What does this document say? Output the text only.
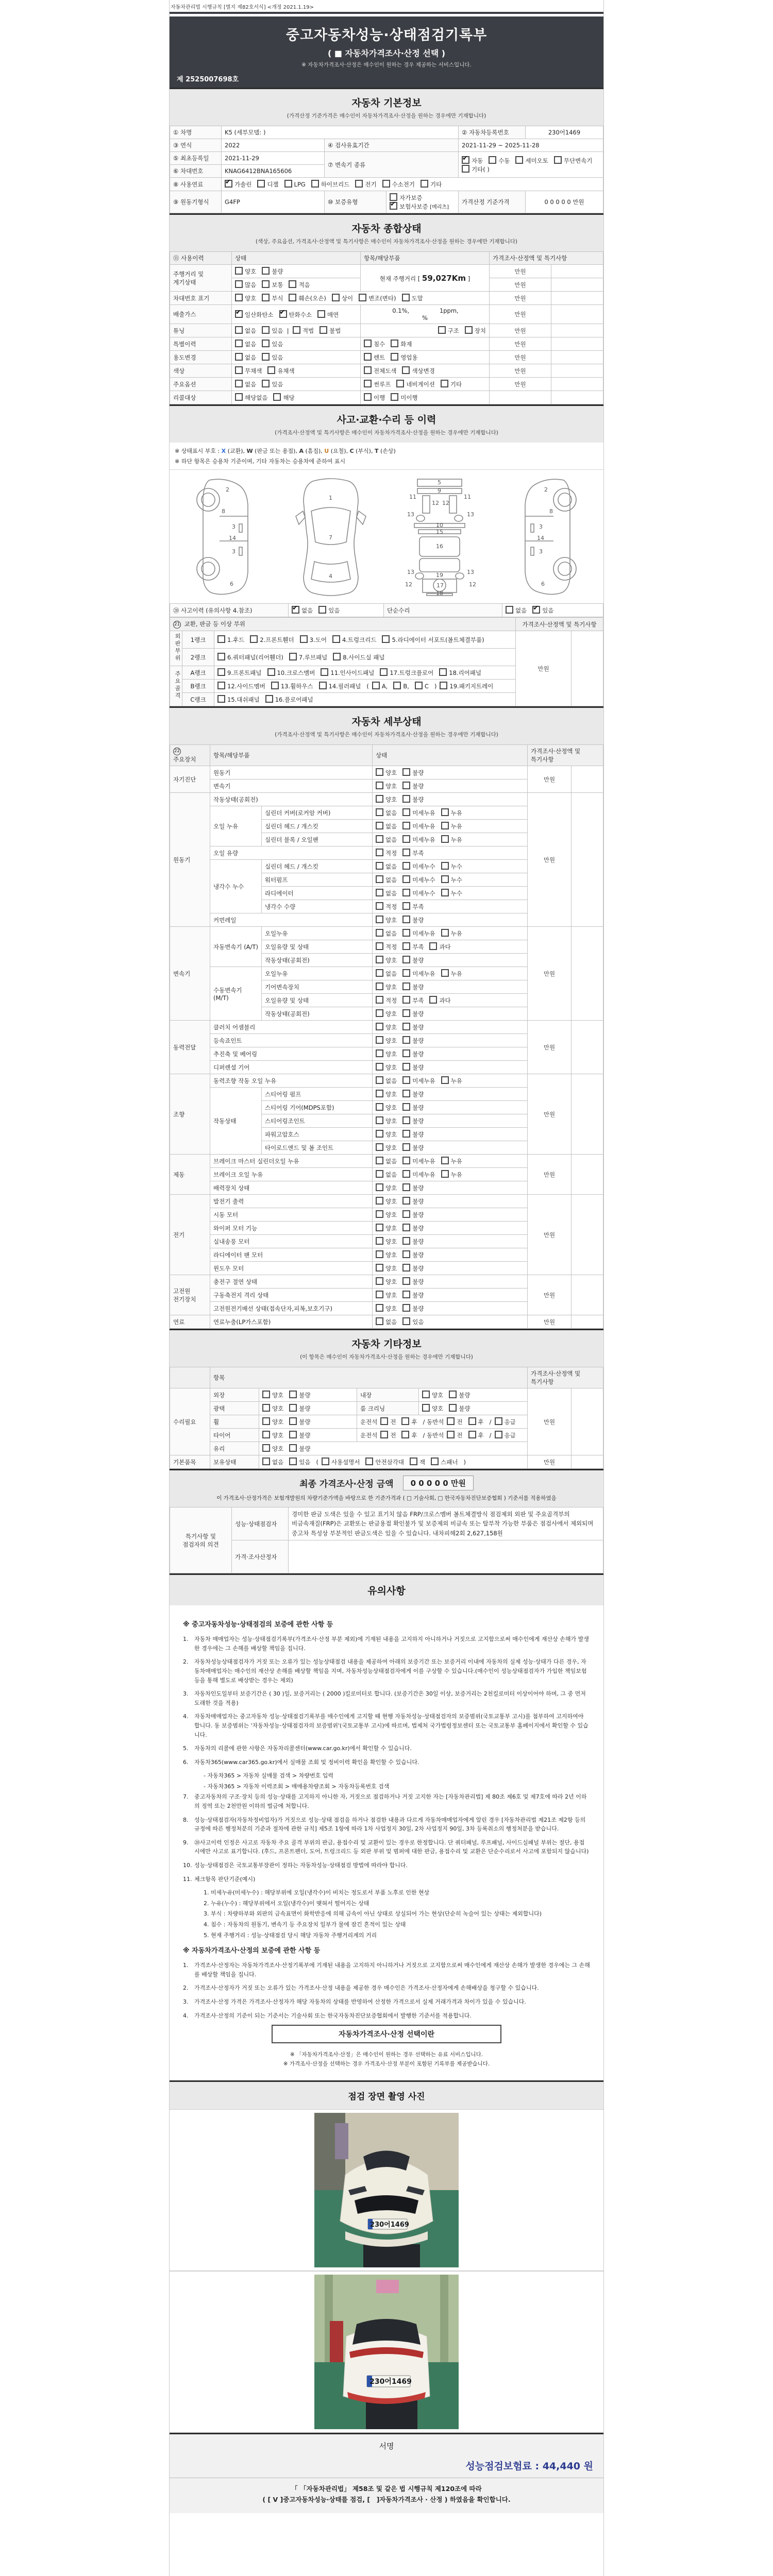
자동차관리법 시행규칙 [별지 제82호서식] <개정 2021.1.19>
중고자동차성능·상태점검기록부
( ■ 자동차가격조사·산정 선택 )
※ 자동차가격조사·산정은 매수인이 원하는 경우 제공하는 서비스입니다.
제 2525007698호
자동차 기본정보
(가격산정 기준가격은 매수인이 자동차가격조사·산정을 원하는 경우에만 기재합니다)
① 차명	K5 (세부모델: )			② 자동차등록번호	230어1469
③ 연식	2022	④ 검사유효기간		2021-11-29 ~ 2025-11-28	
⑤ 최초등록일	2021-11-29	⑦ 변속기 종류	✔자동 수동 세미오토 무단변속기기타( )
⑥ 차대번호	KNAG6412BNA165606				
⑧ 사용연료	✔가솔린 디젤 LPG 하이브리드 전기 수소전기 기타
⑨ 원동기형식	G4FP	⑩ 보증유형	자가보증✔보험사보증 [메리츠]	가격산정 기준가격	0 0 0 0 0 만원
자동차 종합상태
(색상, 주요옵션, 가격조사·산정액 및 특기사항은 매수인이 자동차가격조사·산정을 원하는 경우에만 기재합니다)
⑪ 사용이력	상태	항목/해당부품	가격조사·산정액 및 특기사항	
주행거리 및 계기상태	양호 불량	현재 주행거리 [ 59,027Km ]	만원	
	많음 보통 적음		만원	
차대번호 표기	양호 부식 훼손(오손) 상이 변조(변타) 도말		만원	
배출가스	✔일산화탄소 ✔ 탄화수소 매연	0.1%, 1ppm, %	만원	
튜닝	없음 있음  |  적법 불법	구조 장치	만원	
특별이력	없음 있음	침수 화재	만원	
용도변경	없음 있음	렌트 영업용	만원	
색상	무채색 유채색	전체도색 색상변경	만원	
주요옵션	없음 있음	썬루프 네비게이션 기타	만원	
리콜대상	해당없음 해당	이행 미이행		
사고·교환·수리 등 이력
(가격조사·산정액 및 특기사항은 매수인이 자동차가격조사·산정을 원하는 경우에만 기재합니다)
※ 상태표시 부호 : X (교환), W (판금 또는 용접), A (흠집), U (요철), C (부식), T (손상)
※ 하단 항목은 승용차 기준이며, 기타 자동차는 승용차에 준하여 표시
2
8
3
14
3
6
1
7
4
5
9
11	11
13	13
12 12
10
15
16
13	13
19
12	12
17
18
2
8
3
14
3
6
⑳ 사고이력 (유의사항 4.참조)	✔없음	있음	단순수리	없음 ✔	있음
21 교환, 판금 등 이상 부위			가격조사·산정액 및 특기사항	
외판부위	1랭크	1.후드 2.프론트휀더 3.도어 4.트렁크리드 5.라디에이터 서포트(볼트체결부품)	만원	
	2랭크	6.쿼터패널(리어휀더) 7.루브패널 8.사이드실 패널		
주요골격	A랭크	9.프론트패널 10.크로스멤버 11.인사이드패널 17.트렁크플로어 18.리어패널		
	B랭크	12.사이드멤버 13.휠하우스 14.필러패널 ( A, B, C ) 19.패키지트레이		
	C랭크	15.대쉬패널 16.플로어패널		
자동차 세부상태
(가격조사·산정액 및 특기사항은 매수인이 자동차가격조사·산정을 원하는 경우에만 기재합니다)
22 주요장치	항목/해당부품		상태	가격조사·산정액 및 특기사항	
자기진단	원동기		양호 불량	만원	
	변속기		양호 불량		
원동기	작동상태(공회전)		양호 불량	만원	
	오일 누유	실린더 커버(로커암 커버)	없음 미세누유 누유		
		실린더 헤드 / 개스킷	없음 미세누유 누유		
		실린더 블록 / 오일팬	없음 미세누유 누유		
	오일 유량		적정 부족		
	냉각수 누수	실린더 헤드 / 개스킷	없음 미세누수 누수		
		워터펌프	없음 미세누수 누수		
		라디에이터	없음 미세누수 누수		
		냉각수 수량	적정 부족		
	커먼레일		양호 불량		
변속기	자동변속기 (A/T)	오일누유	없음 미세누유 누유	만원	
		오일유량 및 상태	적정 부족 과다		
		작동상태(공회전)	양호 불량		
	수동변속기 (M/T)	오일누유	없음 미세누유 누유		
		기어변속장치	양호 불량		
		오일유량 및 상태	적정 부족 과다		
		작동상태(공회전)	양호 불량		
동력전달	클러치 어셈블리		양호 불량	만원	
	등속죠인트		양호 불량		
	추진축 및 베어링		양호 불량		
	디퍼렌셜 기어		양호 불량		
조향	동력조향 작동 오일 누유		없음 미세누유 누유	만원	
	작동상태	스티어링 펌프	양호 불량		
		스티어링 기어(MDPS포함)	양호 불량		
		스티어링조인트	양호 불량		
		파워고압호스	양호 불량		
		타이로드엔드 및 볼 조인트	양호 불량		
제동	브레이크 마스터 실린더오일 누유		없음 미세누유 누유	만원	
	브레이크 오일 누유		없음 미세누유 누유		
	배력장치 상태		양호 불량		
전기	발전기 출력		양호 불량	만원	
	시동 모터		양호 불량		
	와이퍼 모터 기능		양호 불량		
	실내송풍 모터		양호 불량		
	라디에이터 팬 모터		양호 불량		
	윈도우 모터		양호 불량		
고전원 전기장치	충전구 절연 상태		양호 불량	만원	
	구동축전지 격리 상태		양호 불량		
	고전원전기배선 상태(접속단자,피복,보호기구)		양호 불량		
연료	연료누출(LP가스포함)		없음 있음	만원	
자동차 기타정보
(이 항목은 매수인이 자동차가격조사·산정을 원하는 경우에만 기재합니다)
	항목				가격조사·산정액 및 특기사항	
수리필요	외장	양호 불량	내장	양호 불량	만원	
	광택	양호 불량	룸 크리닝	양호 불량		
	휠	양호 불량	운전석 전 후 / 동반석 전 후 / 응급			
	타이어	양호 불량	운전석 전 후 / 동반석 전 후 / 응급			
	유리	양호 불량				
기본품목	보유상태	없음 있음 ( 사용설명서 안전삼각대 잭 스패너 )			만원	
최종 가격조사·산정 금액	0 0 0 0 0 만원
이 가격조사·산정가격은 보험개발원의 차량기준가액을 바탕으로 한 기준가격과 ( □ 기술사회, □ 한국자동차진단보증협회 ) 기준서를 적용하였음
특기사항 및 점검자의 의견	성능·상태점검자	경미한 판금 도색은 있을 수 있고 표기치 않음 FRP/크로스멤버 볼트체결방식 점검제외 외판 및 주요골격부의 비금속재질(FRP)은 교환또는 판금용접 확인불가 및 보증제외 비금속 또는 탈부착 가능한 부품은 점검사에서 제외되며 중고차 특성상 부분적인 판금도색은 있을 수 있습니다. 내차피해2회 2,627,158원
	가격·조사산정자	
유의사항
※ 중고자동차성능·상태점검의 보증에 관한 사항 등
1.	자동차 매매업자는 성능·상태점검기록부(가격조사·산정 부분 제외)에 기재된 내용을 고지하지 아니하거나 거짓으로 고지함으로써 매수인에게 재산상 손해가 발생한 경우에는 그 손해를 배상할 책임을 집니다.
2.	자동차성능상태점검자가 거짓 또는 오류가 있는 성능상태점검 내용을 제공하여 아래의 보증기간 또는 보증거리 이내에 자동차의 실제 성능·상태가 다른 경우, 자동차매매업자는 매수인의 재산상 손해를 배상할 책임을 지며, 자동차성능상태점검자에게 이를 구상할 수 있습니다.(매수인이 성능상태점검자가 가입한 책임보험 등을 통해 별도로 배상받는 경우는 제외)
3.	자동차인도일부터 보증기간은 ( 30 )일, 보증거리는 ( 2000 )킬로미터로 합니다. (보증기간은 30일 이상, 보증거리는 2천킬로미터 이상이어야 하며, 그 중 먼저 도래한 것을 적용)
4.	자동차매매업자는 중고자동차 성능·상태점검기록부를 매수인에게 고지할 때 현행 자동차성능·상태점검자의 보증범위(국토교통부 고시)를 첨부하여 고지하여야 합니다. 동 보증범위는 '자동차성능·상태점검자의 보증범위'(국토교통부 고시)에 따르며, 법제처 국가법령정보센터 또는 국토교통부 홈페이지에서 확인할 수 있습니다.
5.	자동차의 리콜에 관한 사항은 자동차리콜센터(www.car.go.kr)에서 확인할 수 있습니다.
6.	자동차365(www.car365.go.kr)에서 실매물 조회 및 정비이력 확인을 확인할 수 있습니다.
- 자동차365 > 자동차 실매물 검색 > 차량번호 입력
- 자동차365 > 자동차 이력조회 > 매매용차량조회 > 자동차등록번호 검색
7.	중고자동차의 구조·장치 등의 성능·상태를 고지하지 아니한 자, 거짓으로 점검하거나 거짓 고지한 자는 [자동차관리법] 제 80조 제6호 및 제7호에 따라 2년 이하의 징역 또는 2천만원 이하의 벌금에 처합니다.
8.	성능·상태점검자(자동차정비업자)가 거짓으로 성능·상태 점검을 하거나 점검한 내용과 다르게 자동차매매업자에게 알린 경우 [자동차관리법 제21조 제2항 등의 규정에 따른 행정처분의 기준과 절차에 관한 규칙] 제5조 1항에 따라 1차 사업정지 30일, 2차 사업정지 90일, 3차 등록취소의 행정처분을 받습니다.
9.	⑳사고이력 인정은 사고로 자동차 주요 골격 부위의 판금, 용접수리 및 교환이 있는 경우로 한정합니다. 단 쿼터패널, 루프패널, 사이드실패널 부위는 절단, 용접 시에만 사고로 표기합니다. (후드, 프론트펜더, 도어, 트렁크리드 등 외판 부위 및 범퍼에 대한 판금, 용접수리 및 교환은 단순수리로서 사고에 포함되지 않습니다)
10. 성능·상태점검은 국토교통부장관이 정하는 자동차성능·상태점검 방법에 따라야 합니다.
11. 체크항목 판단기준(예시)
1. 미세누유(미세누수) : 해당부위에 오일(냉각수)이 비치는 정도로서 부품 노후로 인한 현상
2. 누유(누수) : 해당부위에서 오일(냉각수)이 맺혀서 떨어지는 상태
3. 부식 : 차량하부와 외판의 금속표면이 화학반응에 의해 금속이 아닌 상태로 상실되어 가는 현상(단순히 녹슬어 있는 상태는 제외합니다)
4. 침수 : 자동차의 원동기, 변속기 등 주요장치 일부가 물에 잠긴 흔적이 있는 상태
5. 현재 주행거리 : 성능·상태점검 당시 해당 자동차 주행거리계의 거리
※ 자동차가격조사·산정의 보증에 관한 사항 등
1.	가격조사·산정자는 자동차가격조사·산정기록부에 기재된 내용을 고지하지 아니하거나 거짓으로 고지함으로써 매수인에게 재산상 손해가 발생한 경우에는 그 손해를 배상할 책임을 집니다.
2.	가격조사·산정자가 거짓 또는 오류가 있는 가격조사·산정 내용을 제공한 경우 매수인은 가격조사·산정자에게 손해배상을 청구할 수 있습니다.
3.	가격조사·산정 가격은 가격조사·산정자가 해당 자동차의 상태를 반영하여 산정한 가격으로서 실제 거래가격과 차이가 있을 수 있습니다.
4.	가격조사·산정의 기준이 되는 기준서는 기술사회 또는 한국자동차진단보증협회에서 발행한 기준서를 적용합니다.
자동차가격조사·산정 선택이란
※ 「자동차가격조사·산정」은 매수인이 원하는 경우 선택하는 유료 서비스입니다.
※ 가격조사·산정을 선택하는 경우 가격조사·산정 부분이 포함된 기록부를 제공받습니다.
점검 장면 촬영 사진
230어1469
230어1469
서명
성능점검보험료 : 44,440 원
「 「자동차관리법」 제58조 및 같은 법 시행규칙 제120조에 따라
( [ V ]중고자동차성능·상태를 점검, [　]자동차가격조사 · 산정 ) 하였음을 확인합니다.
